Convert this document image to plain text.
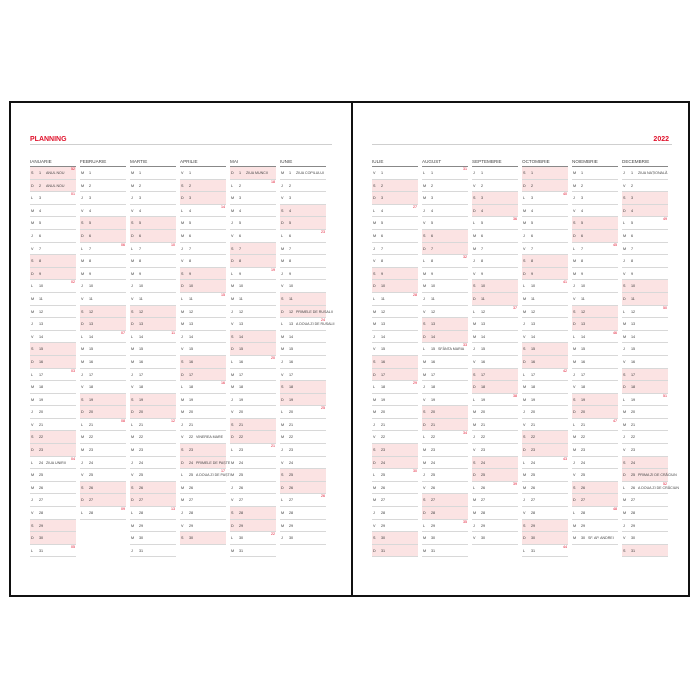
PLANNING	2022
IANUARIE
S 1 ANUL NOU
52
D 2 ANUL NOU
L 3
01
M 4
M 5
J 6
V 7
S 8
D 9
L 10
02
M 11
M 12
J 13
V 14
S 15
D 16
L 17
03
M 18
M 19
J 20
V 21
S 22
D 23
L 24 ZIUA UNIRII
04
M 25
M 26
J 27
V 28
S 29
D 30
L 31
05
FEBRUARIE
M 1
M 2
J 3
V 4
S 5
D 6
L 7
06
M 8
M 9
J 10
V 11
S 12
D 13
L 14
07
M 15
M 16
J 17
V 18
S 19
D 20
L 21
08
M 22
M 23
J 24
V 25
S 26
D 27
L 28
09
MARTIE
M 1
M 2
J 3
V 4
S 5
D 6
L 7
10
M 8
M 9
J 10
V 11
S 12
D 13
L 14
11
M 15
M 16
J 17
V 18
S 19
D 20
L 21
12
M 22
M 23
J 24
V 25
S 26
D 27
L 28
13
M 29
M 30
J 31
APRILIE
V 1
S 2
D 3
L 4
14
M 5
M 6
J 7
V 8
S 9
D 10
L 11
15
M 12
M 13
J 14
V 15
S 16
D 17
L 18
16
M 19
M 20
J 21
V 22 VINEREA MARE
S 23
D 24 PRIMELE DE PAȘTE
L 25 A DOUA ZI DE PAȘTI
17
M 26
M 27
J 28
V 29
S 30
MAI
D 1 ZIUA MUNCII
L 2
18
M 3
M 4
J 5
V 6
S 7
D 8
L 9
19
M 10
M 11
J 12
V 13
S 14
D 15
L 16
20
M 17
M 18
J 19
V 20
S 21
D 22
L 23
21
M 24
M 25
J 26
V 27
S 28
D 29
L 30
22
M 31
IUNIE
M 1 ZIUA COPILULUI
J 2
V 3
S 4
D 5
L 6
23
M 7
M 8
J 9
V 10
S 11
D 12 PRIMELE DE RUSALII
L 13 A DOUA ZI DE RUSALII
24
M 14
M 15
J 16
V 17
S 18
D 19
L 20
25
M 21
M 22
J 23
V 24
S 25
D 26
L 27
26
M 28
M 29
J 30
IULIE
V 1
S 2
D 3
L 4
27
M 5
M 6
J 7
V 8
S 9
D 10
L 11
28
M 12
M 13
J 14
V 15
S 16
D 17
L 18
29
M 19
M 20
J 21
V 22
S 23
D 24
L 25
30
M 26
M 27
J 28
V 29
S 30
D 31
AUGUST
L 1
31
M 2
M 3
J 4
V 5
S 6
D 7
L 8
32
M 9
M 10
J 11
V 12
S 13
D 14
L 15 SFÂNTA MARIA
33
M 16
M 17
J 18
V 19
S 20
D 21
L 22
34
M 23
M 24
J 25
V 26
S 27
D 28
L 29
35
M 30
M 31
SEPTEMBRIE
J 1
V 2
S 3
D 4
L 5
36
M 6
M 7
J 8
V 9
S 10
D 11
L 12
37
M 13
M 14
J 15
V 16
S 17
D 18
L 19
38
M 20
M 21
J 22
V 23
S 24
D 25
L 26
39
M 27
M 28
J 29
V 30
OCTOMBRIE
S 1
D 2
L 3
40
M 4
M 5
J 6
V 7
S 8
D 9
L 10
41
M 11
M 12
J 13
V 14
S 15
D 16
L 17
42
M 18
M 19
J 20
V 21
S 22
D 23
L 24
43
M 25
M 26
J 27
V 28
S 29
D 30
L 31
44
NOIEMBRIE
M 1
M 2
J 3
V 4
S 5
D 6
L 7
45
M 8
M 9
J 10
V 11
S 12
D 13
L 14
46
M 15
M 16
J 17
V 18
S 19
D 20
L 21
47
M 22
M 23
J 24
V 25
S 26
D 27
L 28
48
M 29
M 30 SF. AP. ANDREI
DECEMBRIE
J 1 ZIUA NAȚIONALĂ
V 2
S 3
D 4
L 5
49
M 6
M 7
J 8
V 9
S 10
D 11
L 12
50
M 13
M 14
J 15
V 16
S 17
D 18
L 19
51
M 20
M 21
J 22
V 23
S 24
D 25 PRIMA ZI DE CRĂCIUN
L 26 A DOUA ZI DE CRĂCIUN
52
M 27
M 28
J 29
V 30
S 31
